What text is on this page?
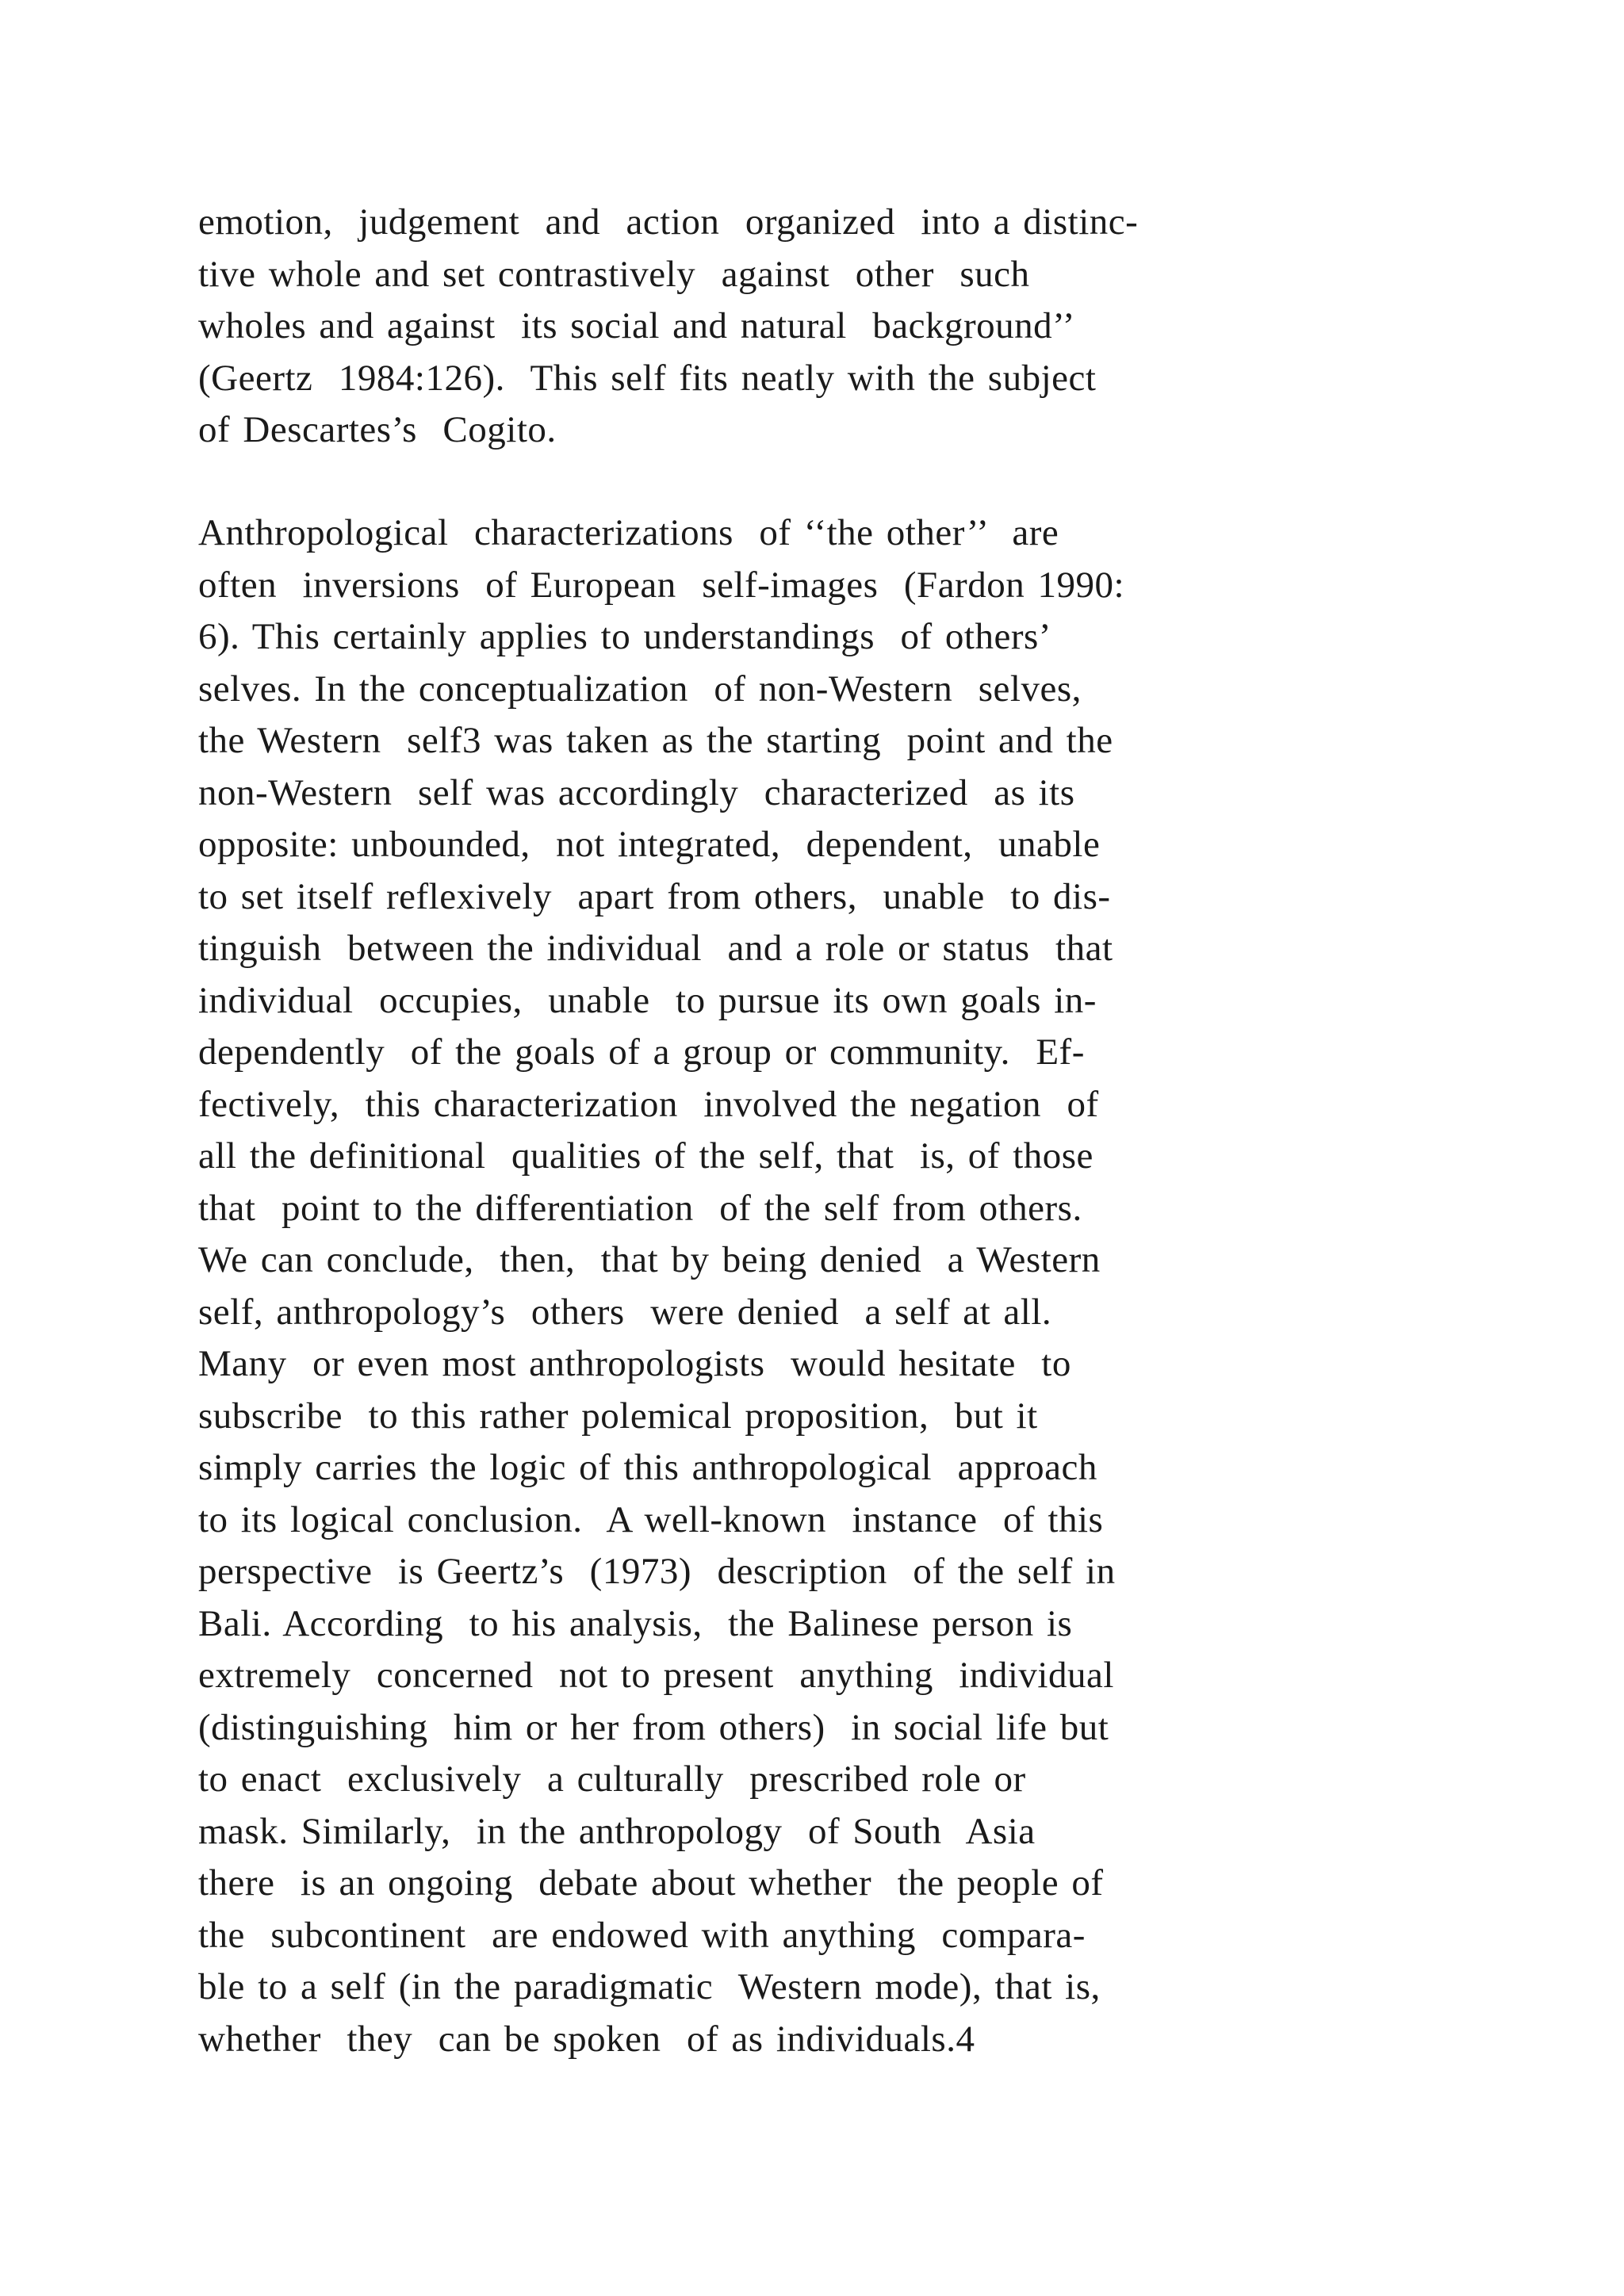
emotion,  judgement  and  action  organized  into a distinc-
tive whole and set contrastively  against  other  such
wholes and against  its social and natural  background’’
(Geertz  1984:126).  This self fits neatly with the subject
of Descartes’s  Cogito.
Anthropological  characterizations  of ‘‘the other’’  are
often  inversions  of European  self-images  (Fardon 1990:
6). This certainly applies to understandings  of others’
selves. In the conceptualization  of non-Western  selves,
the Western  self3 was taken as the starting  point and the
non-Western  self was accordingly  characterized  as its
opposite: unbounded,  not integrated,  dependent,  unable
to set itself reflexively  apart from others,  unable  to dis-
tinguish  between the individual  and a role or status  that
individual  occupies,  unable  to pursue its own goals in-
dependently  of the goals of a group or community.  Ef-
fectively,  this characterization  involved the negation  of
all the definitional  qualities of the self, that  is, of those
that  point to the differentiation  of the self from others.
We can conclude,  then,  that by being denied  a Western
self, anthropology’s  others  were denied  a self at all.
Many  or even most anthropologists  would hesitate  to
subscribe  to this rather polemical proposition,  but it
simply carries the logic of this anthropological  approach
to its logical conclusion.  A well-known  instance  of this
perspective  is Geertz’s  (1973)  description  of the self in
Bali. According  to his analysis,  the Balinese person is
extremely  concerned  not to present  anything  individual
(distinguishing  him or her from others)  in social life but
to enact  exclusively  a culturally  prescribed role or
mask. Similarly,  in the anthropology  of South  Asia
there  is an ongoing  debate about whether  the people of
the  subcontinent  are endowed with anything  compara-
ble to a self (in the paradigmatic  Western mode), that is,
whether  they  can be spoken  of as individuals.4
